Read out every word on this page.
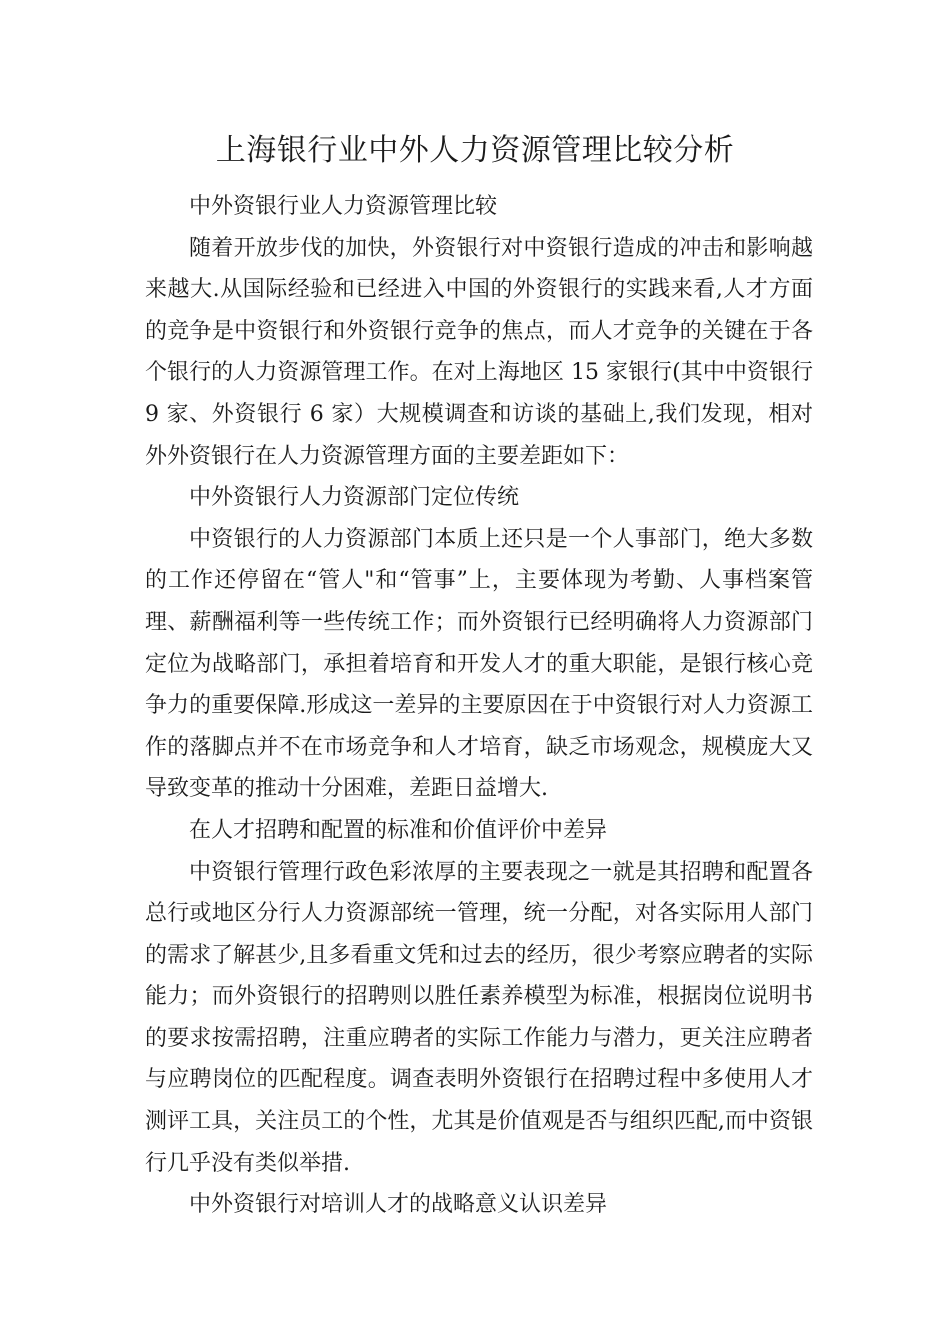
上海银行业中外人力资源管理比较分析

中外资银行业人力资源管理比较

随着开放步伐的加快，外资银行对中资银行造成的冲击和影响越来越大.从国际经验和已经进入中国的外资银行的实践来看,人才方面的竞争是中资银行和外资银行竞争的焦点，而人才竞争的关键在于各个银行的人力资源管理工作。在对上海地区 15 家银行(其中中资银行 9 家、外资银行 6 家）大规模调查和访谈的基础上,我们发现，相对外外资银行在人力资源管理方面的主要差距如下：

中外资银行人力资源部门定位传统

中资银行的人力资源部门本质上还只是一个人事部门，绝大多数的工作还停留在“管人"和“管事”上，主要体现为考勤、人事档案管理、薪酬福利等一些传统工作；而外资银行已经明确将人力资源部门定位为战略部门，承担着培育和开发人才的重大职能，是银行核心竞争力的重要保障.形成这一差异的主要原因在于中资银行对人力资源工作的落脚点并不在市场竞争和人才培育，缺乏市场观念，规模庞大又导致变革的推动十分困难，差距日益增大.

在人才招聘和配置的标准和价值评价中差异

中资银行管理行政色彩浓厚的主要表现之一就是其招聘和配置各总行或地区分行人力资源部统一管理，统一分配，对各实际用人部门的需求了解甚少,且多看重文凭和过去的经历，很少考察应聘者的实际能力；而外资银行的招聘则以胜任素养模型为标准，根据岗位说明书的要求按需招聘，注重应聘者的实际工作能力与潜力，更关注应聘者与应聘岗位的匹配程度。调查表明外资银行在招聘过程中多使用人才测评工具，关注员工的个性，尤其是价值观是否与组织匹配,而中资银行几乎没有类似举措.

中外资银行对培训人才的战略意义认识差异
